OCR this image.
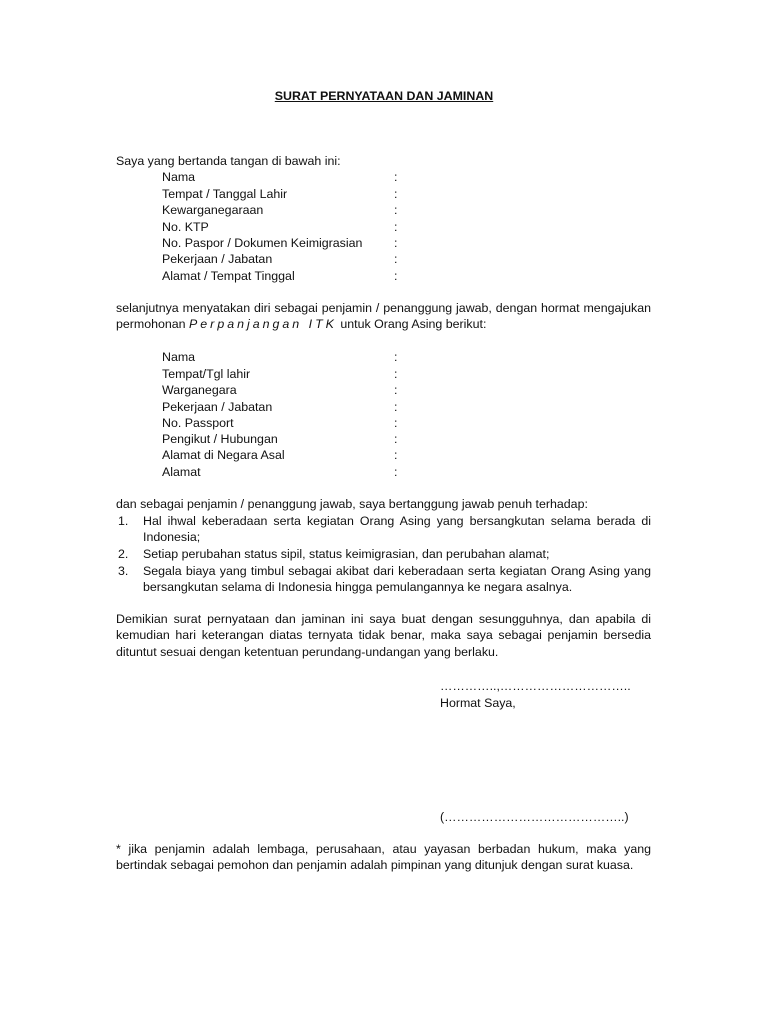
SURAT PERNYATAAN DAN JAMINAN
Saya yang bertanda tangan di bawah ini:
Nama	:
Tempat / Tanggal Lahir	:
Kewarganegaraan	:
No. KTP	:
No. Paspor / Dokumen Keimigrasian	:
Pekerjaan / Jabatan	:
Alamat / Tempat Tinggal	:
selanjutnya menyatakan diri sebagai penjamin / penanggung jawab, dengan hormat mengajukan permohonan Perpanjangan ITK untuk Orang Asing berikut:
Nama	:
Tempat/Tgl lahir	:
Warganegara	:
Pekerjaan / Jabatan	:
No. Passport	:
Pengikut / Hubungan	:
Alamat di Negara Asal	:
Alamat	:
dan sebagai penjamin / penanggung jawab, saya bertanggung jawab penuh terhadap:
1. Hal ihwal keberadaan serta kegiatan Orang Asing yang bersangkutan selama berada di Indonesia;
2. Setiap perubahan status sipil, status keimigrasian, dan perubahan alamat;
3. Segala biaya yang timbul sebagai akibat dari keberadaan serta kegiatan Orang Asing yang bersangkutan selama di Indonesia hingga pemulangannya ke negara asalnya.
Demikian surat pernyataan dan jaminan ini saya buat dengan sesungguhnya, dan apabila di kemudian hari keterangan diatas ternyata tidak benar, maka saya sebagai penjamin bersedia dituntut sesuai dengan ketentuan perundang-undangan yang berlaku.
…………..,…………………………..
Hormat Saya,
(……………………………………..)
* jika penjamin adalah lembaga, perusahaan, atau yayasan berbadan hukum, maka yang bertindak sebagai pemohon dan penjamin adalah pimpinan yang ditunjuk dengan surat kuasa.
